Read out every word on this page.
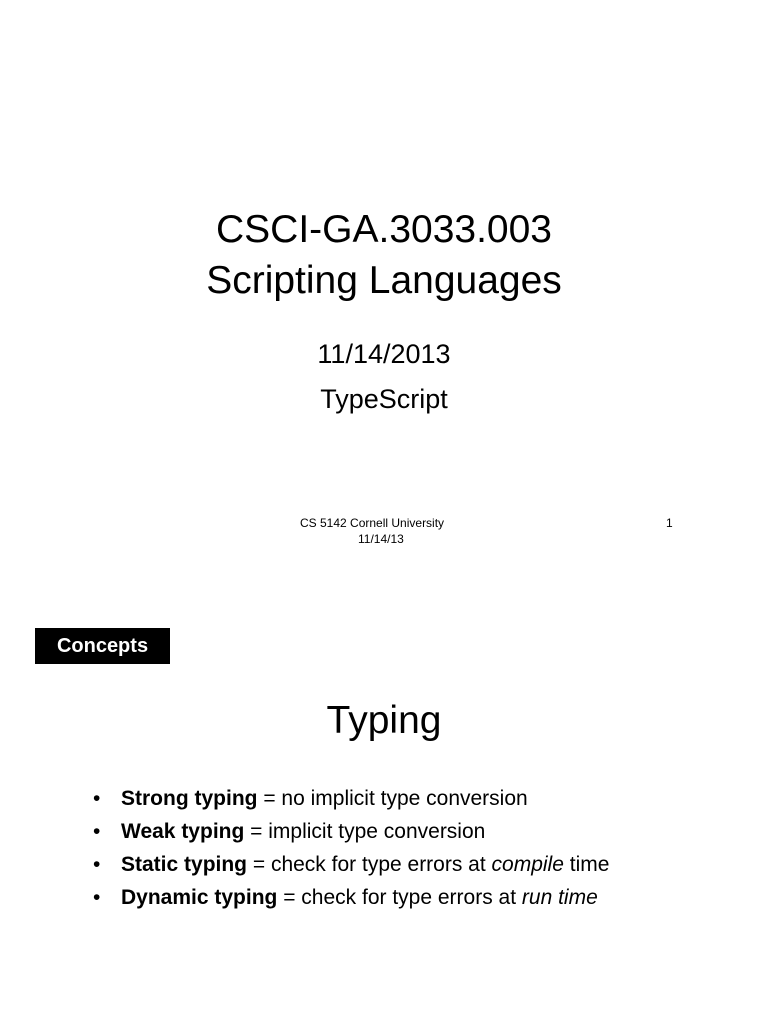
CSCI-GA.3033.003
Scripting Languages
11/14/2013
TypeScript
CS 5142 Cornell University
11/14/13
1
Concepts
Typing
• Strong typing = no implicit type conversion
• Weak typing = implicit type conversion
• Static typing = check for type errors at compile time
• Dynamic typing = check for type errors at run time
